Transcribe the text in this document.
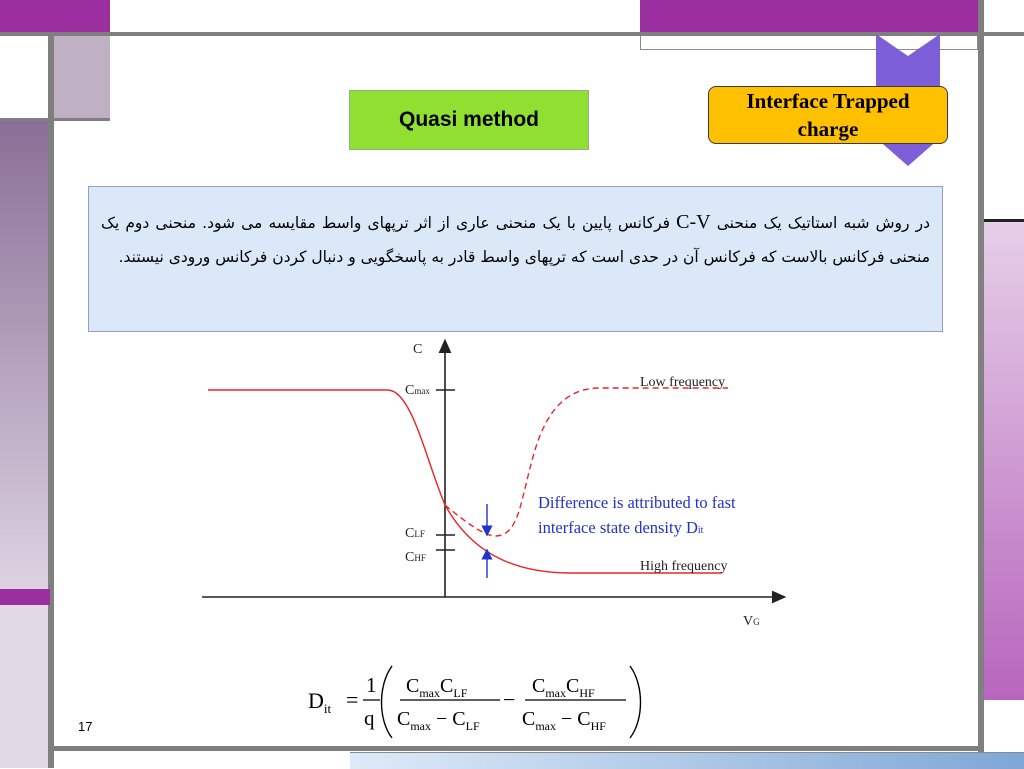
Quasi method
Interface Trapped charge
در روش شبه استاتیک یک منحنی C-V فرکانس پایین با یک منحنی عاری از اثر ترپهای واسط مقایسه می شود. منحنی دوم یک منحنی فرکانس بالاست که فرکانس آن در حدی است که ترپهای واسط قادر به پاسخگویی و دنبال کردن فرکانس ورودی نیستند.
C
VG
Cmax
CLF
CHF
Low frequency
High frequency
Difference is attributed to fast
interface state density Dit
$D_{it}$ =
1
q
$C_{max}C_{LF}$
$C_{max} - C_{LF}$
−
$C_{max}C_{HF}$
$C_{max} - C_{HF}$
17
